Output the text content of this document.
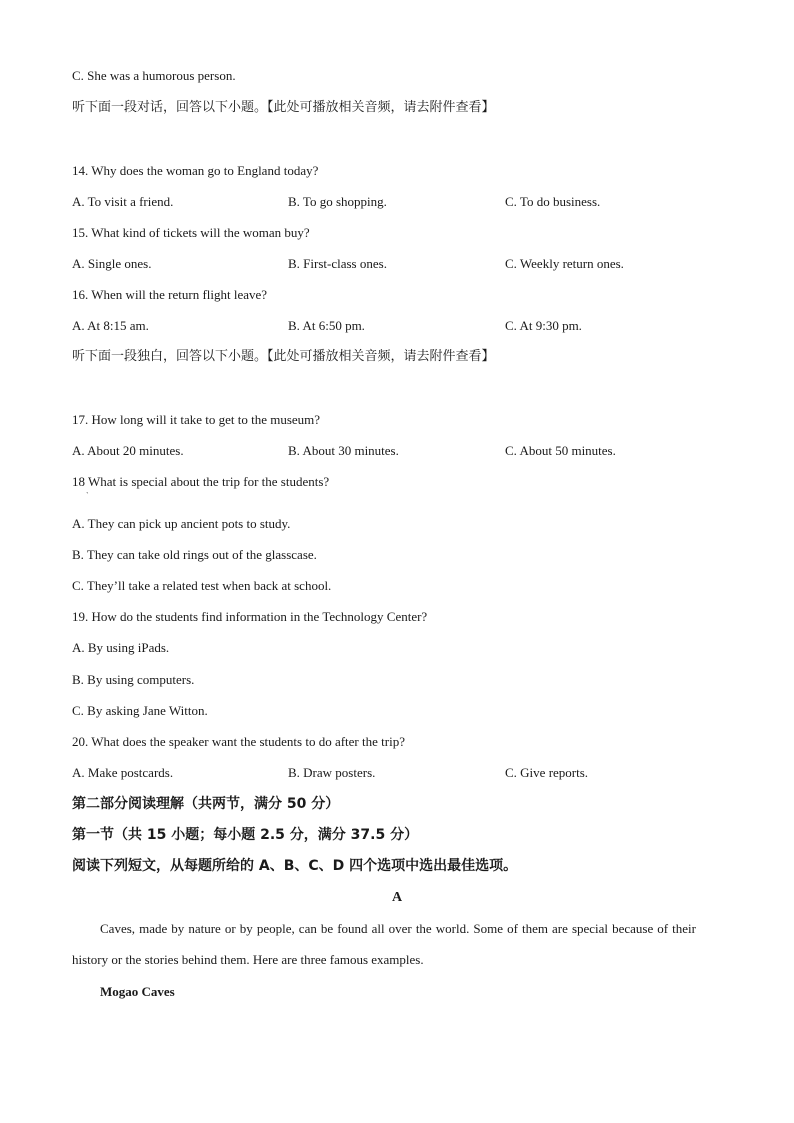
C. She was a humorous person.
听下面一段对话，回答以下小题。【此处可播放相关音频，请去附件查看】
14. Why does the woman go to England today?
A. To visit a friend.	B. To go shopping.	C. To do business.
15. What kind of tickets will the woman buy?
A. Single ones.	B. First-class ones.	C. Weekly return ones.
16. When will the return flight leave?
A. At 8:15 am.	B. At 6:50 pm.	C. At 9:30 pm.
听下面一段独白，回答以下小题。【此处可播放相关音频，请去附件查看】
17. How long will it take to get to the museum?
A. About 20 minutes.	B. About 30 minutes.	C. About 50 minutes.
18 What is special about the trip for the students?
`
A. They can pick up ancient pots to study.
B. They can take old rings out of the glasscase.
C. They’ll take a related test when back at school.
19. How do the students find information in the Technology Center?
A. By using iPads.
B. By using computers.
C. By asking Jane Witton.
20. What does the speaker want the students to do after the trip?
A. Make postcards.	B. Draw posters.	C. Give reports.
第二部分阅读理解（共两节，满分 50 分）
第一节（共 15 小题；每小题 2.5 分，满分 37.5 分）
阅读下列短文，从每题所给的 A、B、C、D 四个选项中选出最佳选项。
A
Caves, made by nature or by people, can be found all over the world. Some of them are special because of their history or the stories behind them. Here are three famous examples.
Mogao Caves
